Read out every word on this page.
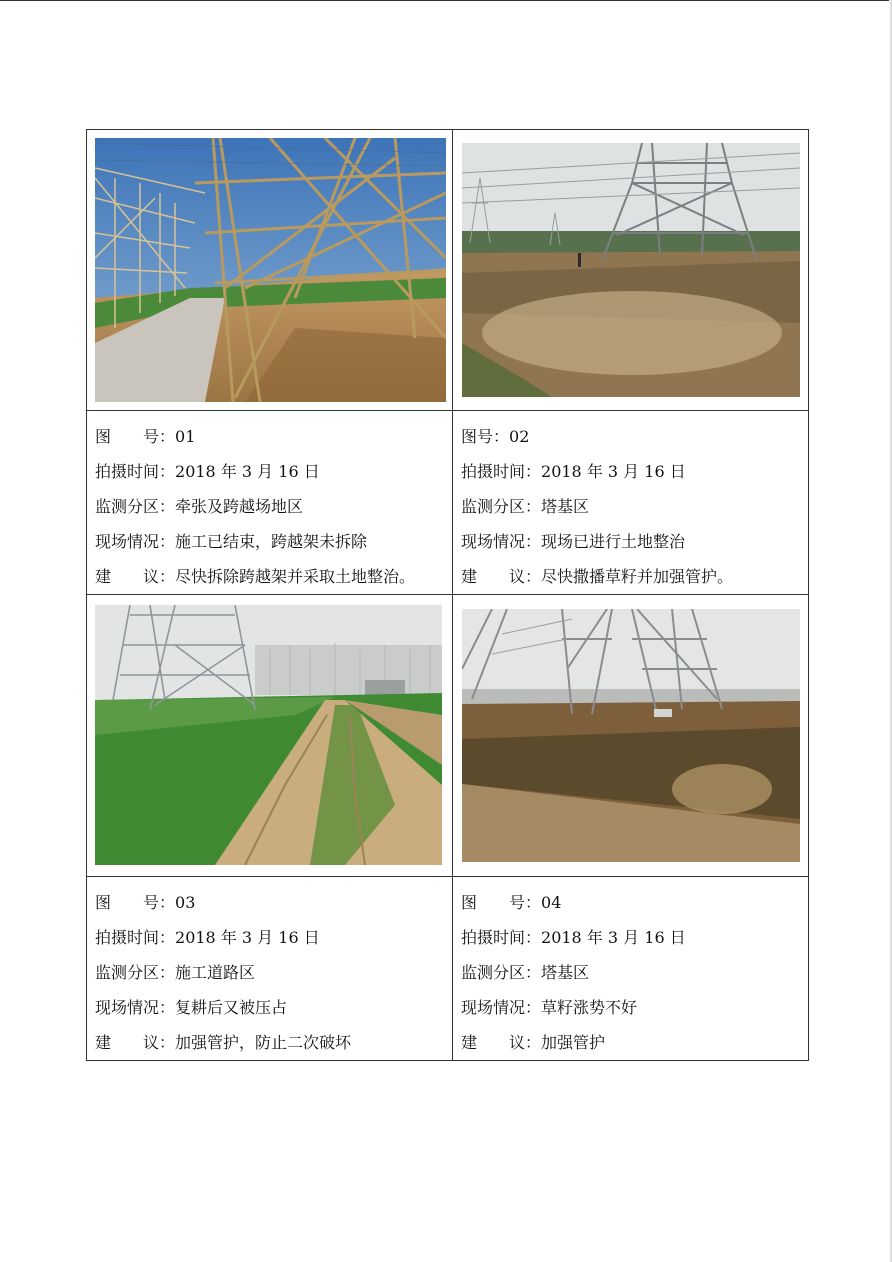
图　　号：01
拍摄时间：2018 年 3 月 16 日
监测分区：牵张及跨越场地区
现场情况：施工已结束，跨越架未拆除
建　　议：尽快拆除跨越架并采取土地整治。	图号：02
拍摄时间：2018 年 3 月 16 日
监测分区：塔基区
现场情况：现场已进行土地整治
建　　议：尽快撒播草籽并加强管护。

图　　号：03
拍摄时间：2018 年 3 月 16 日
监测分区：施工道路区
现场情况：复耕后又被压占
建　　议：加强管护，防止二次破坏	图　　号：04
拍摄时间：2018 年 3 月 16 日
监测分区：塔基区
现场情况：草籽涨势不好
建　　议：加强管护
